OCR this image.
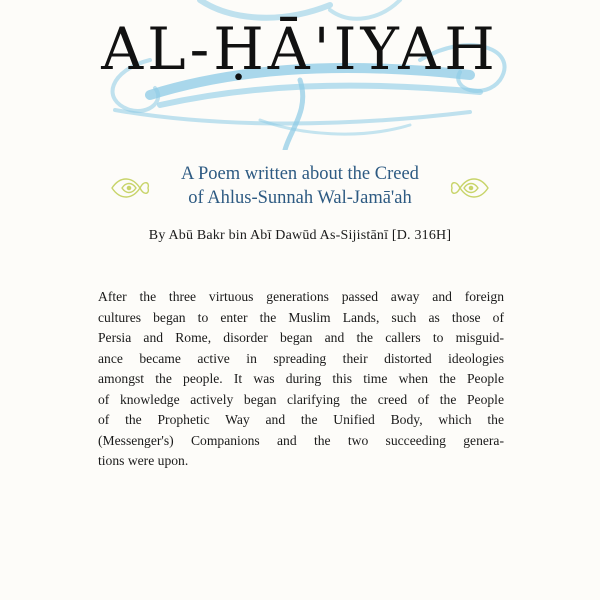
AL-ḤĀ'IYAH
A Poem written about the Creed
of Ahlus-Sunnah Wal-Jamā'ah
By Abū Bakr bin Abī Dawūd As-Sijistānī [D. 316H]
After the three virtuous generations passed away and foreign
cultures began to enter the Muslim Lands, such as those of
Persia and Rome, disorder began and the callers to misguid-
ance became active in spreading their distorted ideologies
amongst the people. It was during this time when the People
of knowledge actively began clarifying the creed of the People
of the Prophetic Way and the Unified Body, which the
(Messenger's) Companions and the two succeeding genera-
tions were upon.
